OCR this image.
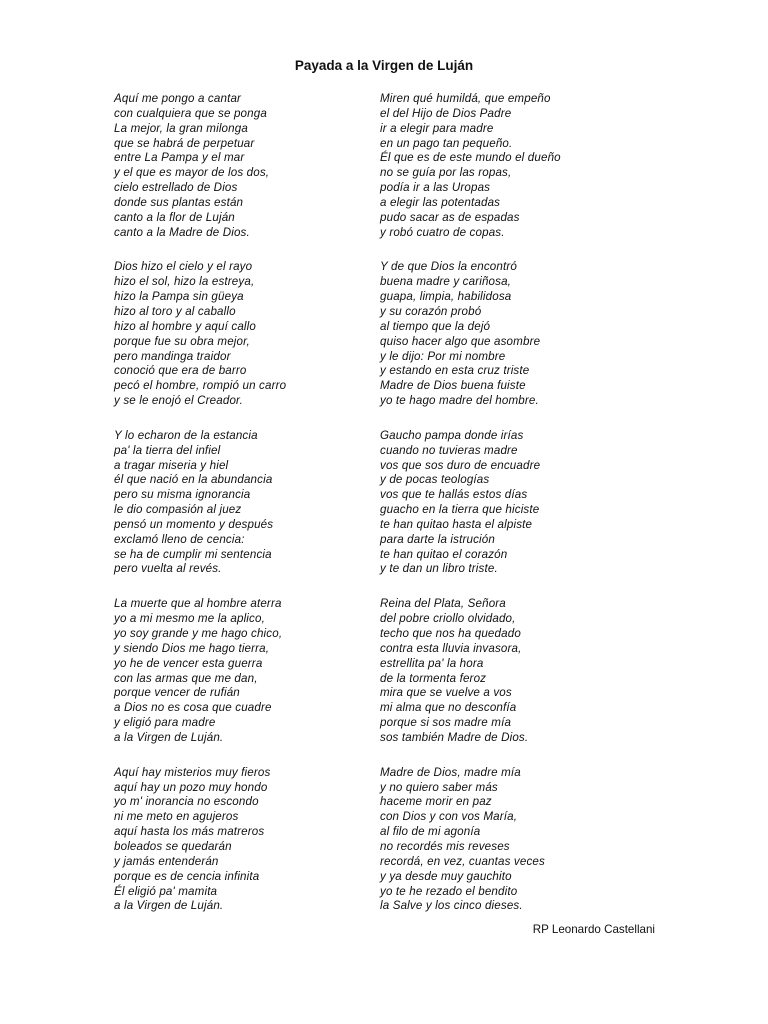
Payada a la Virgen de Luján
Aquí me pongo a cantar
con cualquiera que se ponga
La mejor, la gran milonga
que se habrá de perpetuar
entre La Pampa y el mar
y el que es mayor de los dos,
cielo estrellado de Dios
donde sus plantas están
canto a la flor de Luján
canto a la Madre de Dios.
Dios hizo el cielo y el rayo
hizo el sol, hizo la estreya,
hizo la Pampa sin güeya
hizo al toro y al caballo
hizo al hombre y aquí callo
porque fue su obra mejor,
pero mandinga traidor
conoció que era de barro
pecó el hombre, rompió un carro
y se le enojó el Creador.
Y lo echaron de la estancia
pa' la tierra del infiel
a tragar miseria y hiel
él que nació en la abundancia
pero su misma ignorancia
le dio compasión al juez
pensó un momento y después
exclamó lleno de cencia:
se ha de cumplir mi sentencia
pero vuelta al revés.
La muerte que al hombre aterra
yo a mi mesmo me la aplico,
yo soy grande y me hago chico,
y siendo Dios me hago tierra,
yo he de vencer esta guerra
con las armas que me dan,
porque vencer de rufián
a Dios no es cosa que cuadre
y eligió para madre
a la Virgen de Luján.
Aquí hay misterios muy fieros
aquí hay un pozo muy hondo
yo m' inorancia no escondo
ni me meto en agujeros
aquí hasta los más matreros
boleados se quedarán
y jamás entenderán
porque es de cencia infinita
Él eligió pa' mamita
a la Virgen de Luján.
Miren qué humildá, que empeño
el del Hijo de Dios Padre
ir a elegir para madre
en un pago tan pequeño.
Él que es de este mundo el dueño
no se guía por las ropas,
podía ir a las Uropas
a elegir las potentadas
pudo sacar as de espadas
y robó cuatro de copas.
Y de que Dios la encontró
buena madre y cariñosa,
guapa, limpia, habilidosa
y su corazón probó
al tiempo que la dejó
quiso hacer algo que asombre
y le dijo: Por mi nombre
y estando en esta cruz triste
Madre de Dios buena fuiste
yo te hago madre del hombre.
Gaucho pampa donde irías
cuando no tuvieras madre
vos que sos duro de encuadre
y de pocas teologías
vos que te hallás estos días
guacho en la tierra que hiciste
te han quitao hasta el alpiste
para darte la istrución
te han quitao el corazón
y te dan un libro triste.
Reina del Plata, Señora
del pobre criollo olvidado,
techo que nos ha quedado
contra esta lluvia invasora,
estrellita pa' la hora
de la tormenta feroz
mira que se vuelve a vos
mi alma que no desconfía
porque si sos madre mía
sos también Madre de Dios.
Madre de Dios, madre mía
y no quiero saber más
haceme morir en paz
con Dios y con vos María,
al filo de mi agonía
no recordés mis reveses
recordá, en vez, cuantas veces
y ya desde muy gauchito
yo te he rezado el bendito
la Salve y los cinco dieses.
RP Leonardo Castellani
